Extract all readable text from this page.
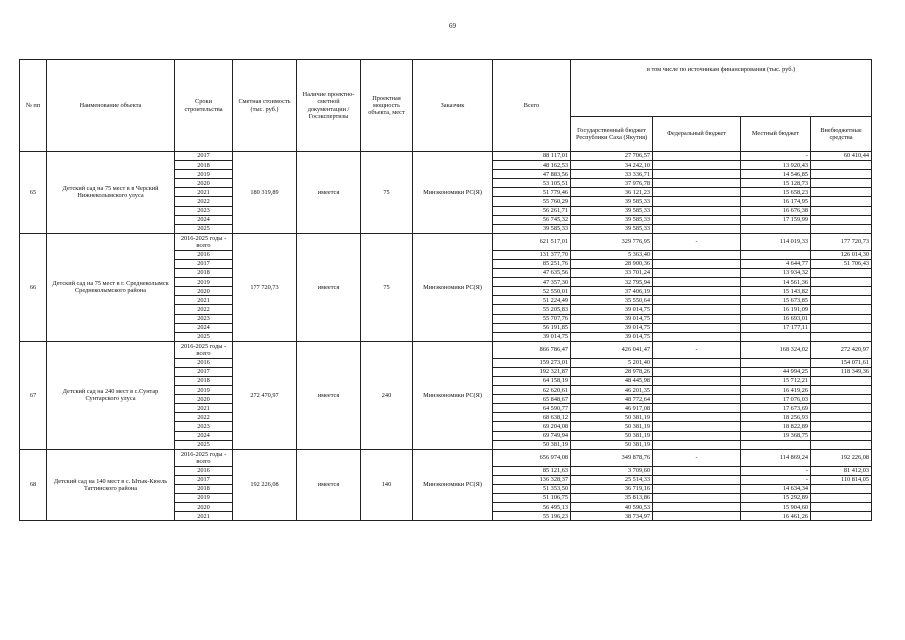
69
№ пп	Наименование объекта	Сроки строительства	Сметная стоимость (тыс. руб.)	Наличие проектно-сметной документации /Госэкспертизы	Проектная мощность объекта, мест	Заказчик	Всего	в том числе по источникам финансирования (тыс. руб.)			
								Государственный бюджет Республики Саха (Якутия)	Федеральный бюджет	Местный бюджет	Внебюджетные средства
65	Детский сад на 75 мест в в Черский Нижнеколымского улуса	2017	180 319,89	имеется	75	Минэкономики РС(Я)	88 117,01	27 706,57		-	60 410,44
		2018					48 162,53	34 242,10		13 920,43	
		2019					47 883,56	33 336,71		14 546,85	
		2020					53 105,51	37 976,78		15 128,73	
		2021					51 779,46	36 121,23		15 658,23	
		2022					55 760,29	39 585,33		16 174,95	
		2023					56 261,71	39 585,33		16 676,38	
		2024					56 745,32	39 585,33		17 159,99	
		2025					39 585,33	39 585,33			
66	Детский сад на 75 мест в г. Среднеколымск Среднеколымского района	2016-2025 годы - всего	177 720,73	имеется	75	Минэкономики РС(Я)	621 517,01	329 776,95	-	114 019,33	177 720,73
		2016					131 377,70	5 363,40			126 014,30
		2017					85 251,76	28 900,36		4 644,77	51 706,43
		2018					47 635,56	33 701,24		13 934,32	
		2019					47 357,30	32 795,94		14 561,36	
		2020					52 550,01	37 406,19		15 143,82	
		2021					51 224,49	35 550,64		15 673,85	
		2022					55 205,83	39 014,75		16 191,09	
		2023					55 707,76	39 014,75		16 693,01	
		2024					56 191,85	39 014,75		17 177,11	
		2025					39 014,75	39 014,75			
67	Детский сад на 240 мест в с.Сунтар Сунтарского улуса	2016-2025 годы - всего	272 470,97	имеется	240	Минэкономики РС(Я)	866 786,47	426 041,47	-	168 324,02	272 420,97
		2016					159 273,01	5 201,40			154 071,61
		2017					192 321,87	28 978,26		44 994,25	118 349,36
		2018					64 158,19	48 445,98		15 712,21	
		2019					62 620,61	46 201,35		16 419,26	
		2020					65 848,67	48 772,64		17 076,03	
		2021					64 590,77	46 917,08		17 673,69	
		2022					68 638,12	50 381,19		18 256,93	
		2023					69 204,08	50 381,19		18 822,89	
		2024					69 749,94	50 381,19		19 368,75	
		2025					50 381,19	50 381,19			
68	Детский сад на 140 мест в с. Ытык-Кюель Таттинского района	2016-2025 годы - всего	192 226,08	имеется	140	Минэкономики РС(Я)	656 974,08	349 878,76	-	114 869,24	192 226,08
		2016					85 121,63	3 709,60		-	81 412,03
		2017					136 328,37	25 514,33		-	110 814,05
		2018					51 353,50	36 719,16		14 634,34	
		2019					51 106,75	35 813,86		15 292,89	
		2020					56 495,13	40 590,53		15 904,60	
		2021					55 196,23	38 734,97		16 461,26	
